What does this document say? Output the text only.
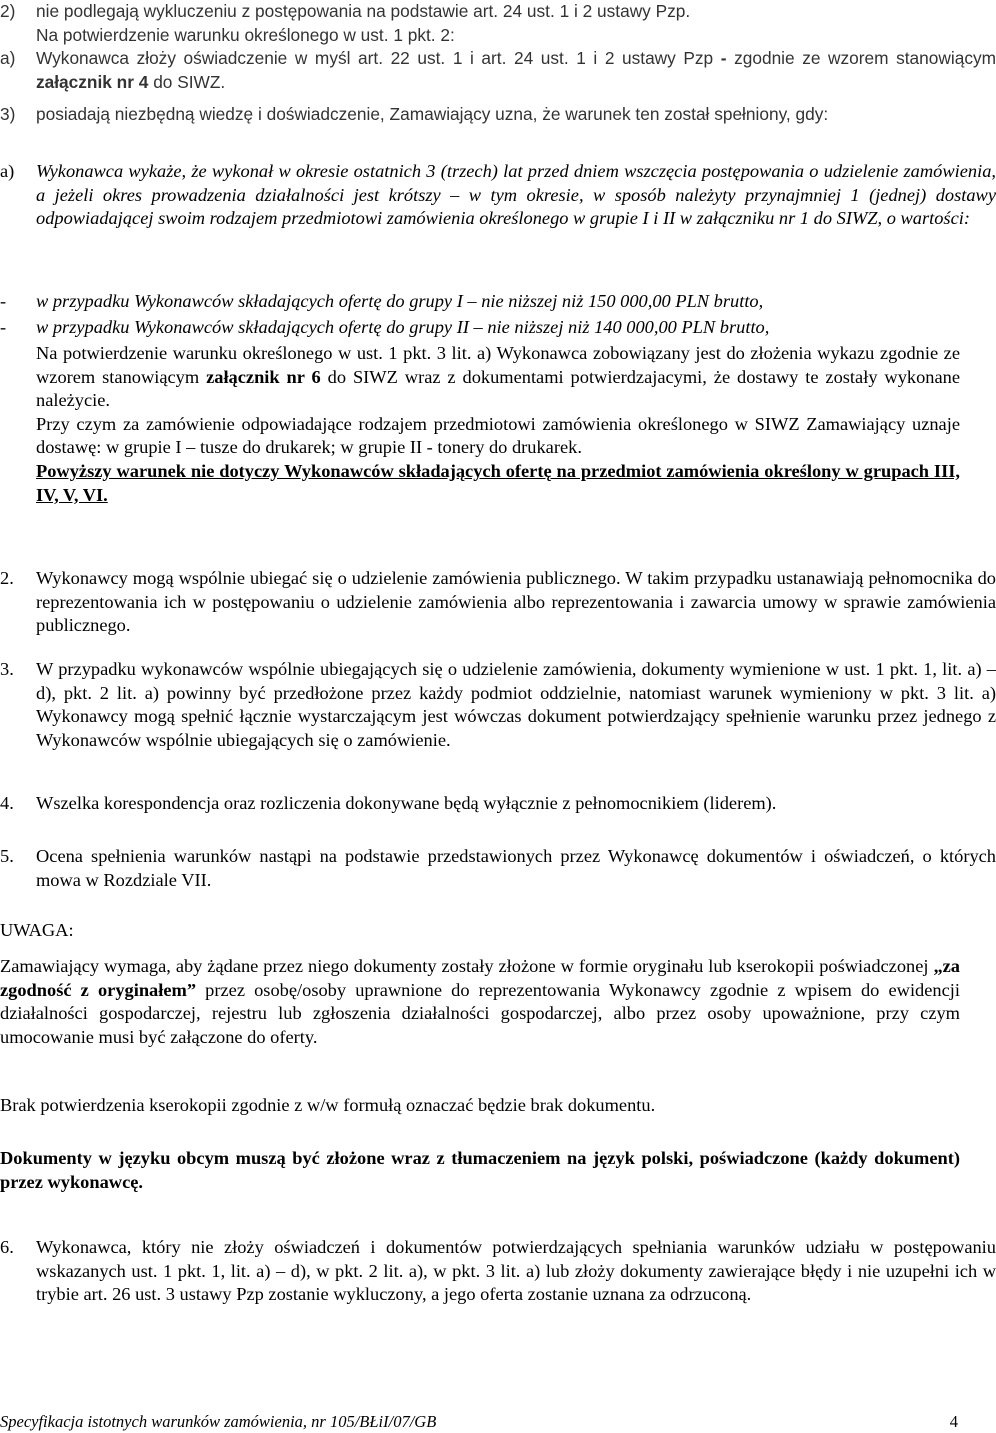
2) nie podlegają wykluczeniu z postępowania na podstawie art. 24 ust. 1 i 2 ustawy Pzp.

Na potwierdzenie warunku określonego w ust. 1 pkt. 2:

a) Wykonawca złoży oświadczenie w myśl art. 22 ust. 1 i art. 24 ust. 1 i 2 ustawy Pzp - zgodnie ze wzorem stanowiącym załącznik nr 4 do SIWZ.

3) posiadają niezbędną wiedzę i doświadczenie, Zamawiający uzna, że warunek ten został spełniony, gdy:

a) Wykonawca wykaże, że wykonał w okresie ostatnich 3 (trzech) lat przed dniem wszczęcia postępowania o udzielenie zamówienia, a jeżeli okres prowadzenia działalności jest krótszy – w tym okresie, w sposób należyty przynajmniej 1 (jednej) dostawy odpowiadającej swoim rodzajem przedmiotowi zamówienia określonego w grupie I i II w załączniku nr 1 do SIWZ, o wartości:

- w przypadku Wykonawców składających ofertę do grupy I – nie niższej niż 150 000,00 PLN brutto,

- w przypadku Wykonawców składających ofertę do grupy II – nie niższej niż 140 000,00 PLN brutto,

Na potwierdzenie warunku określonego w ust. 1 pkt. 3 lit. a) Wykonawca zobowiązany jest do złożenia wykazu zgodnie ze wzorem stanowiącym załącznik nr 6 do SIWZ wraz z dokumentami potwierdzajacymi, że dostawy te zostały wykonane należycie.

Przy czym za zamówienie odpowiadające rodzajem przedmiotowi zamówienia określonego w SIWZ Zamawiający uznaje dostawę: w grupie I – tusze do drukarek; w grupie II - tonery do drukarek.

Powyższy warunek nie dotyczy Wykonawców składających ofertę na przedmiot zamówienia określony w grupach III, IV, V, VI.

2. Wykonawcy mogą wspólnie ubiegać się o udzielenie zamówienia publicznego. W takim przypadku ustanawiają pełnomocnika do reprezentowania ich w postępowaniu o udzielenie zamówienia albo reprezentowania i zawarcia umowy w sprawie zamówienia publicznego.

3. W przypadku wykonawców wspólnie ubiegających się o udzielenie zamówienia, dokumenty wymienione w ust. 1 pkt. 1, lit. a) – d), pkt. 2 lit. a) powinny być przedłożone przez każdy podmiot oddzielnie, natomiast warunek wymieniony w pkt. 3 lit. a) Wykonawcy mogą spełnić łącznie wystarczającym jest wówczas dokument potwierdzający spełnienie warunku przez jednego z Wykonawców wspólnie ubiegających się o zamówienie.

4. Wszelka korespondencja oraz rozliczenia dokonywane będą wyłącznie z pełnomocnikiem (liderem).

5. Ocena spełnienia warunków nastąpi na podstawie przedstawionych przez Wykonawcę dokumentów i oświadczeń, o których mowa w Rozdziale VII.

UWAGA:

Zamawiający wymaga, aby żądane przez niego dokumenty zostały złożone w formie oryginału lub kserokopii poświadczonej „za zgodność z oryginałem” przez osobę/osoby uprawnione do reprezentowania Wykonawcy zgodnie z wpisem do ewidencji działalności gospodarczej, rejestru lub zgłoszenia działalności gospodarczej, albo przez osoby upoważnione, przy czym umocowanie musi być załączone do oferty.

Brak potwierdzenia kserokopii zgodnie z w/w formułą oznaczać będzie brak dokumentu.

Dokumenty w języku obcym muszą być złożone wraz z tłumaczeniem na język polski, poświadczone (każdy dokument) przez wykonawcę.

6. Wykonawca, który nie złoży oświadczeń i dokumentów potwierdzających spełniania warunków udziału w postępowaniu wskazanych ust. 1 pkt. 1, lit. a) – d), w pkt. 2 lit. a), w pkt. 3 lit. a) lub złoży dokumenty zawierające błędy i nie uzupełni ich w trybie art. 26 ust. 3 ustawy Pzp zostanie wykluczony, a jego oferta zostanie uznana za odrzuconą.

Specyfikacja istotnych warunków zamówienia, nr 105/BŁiI/07/GB	4
